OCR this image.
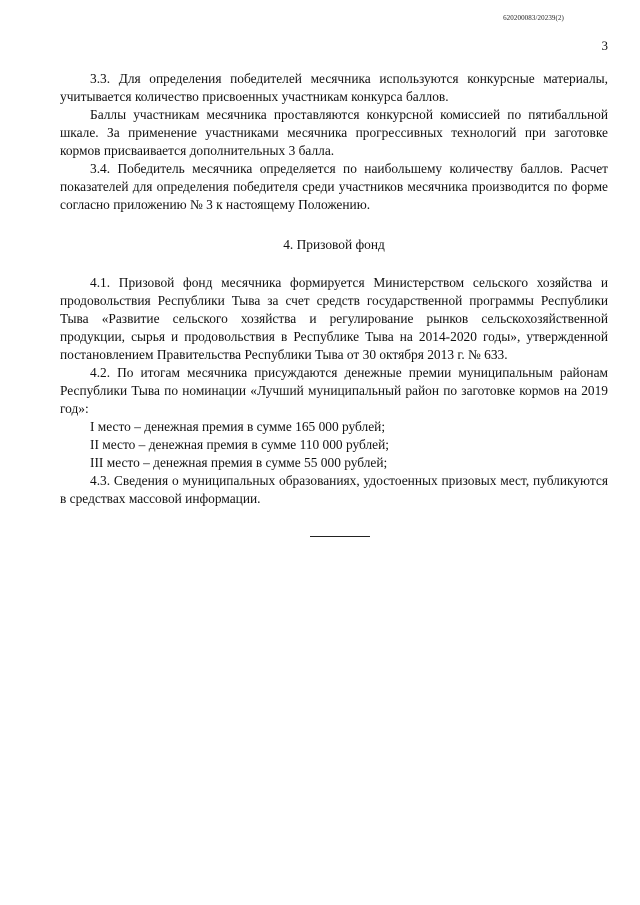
620200083/20239(2)
3

3.3. Для определения победителей месячника используются конкурсные материалы, учитывается количество присвоенных участникам конкурса баллов.

Баллы участникам месячника проставляются конкурсной комиссией по пятибалльной шкале. За применение участниками месячника прогрессивных технологий при заготовке кормов присваивается дополнительных 3 балла.

3.4. Победитель месячника определяется по наибольшему количеству баллов. Расчет показателей для определения победителя среди участников месячника производится по форме согласно приложению № 3 к настоящему Положению.

4. Призовой фонд

4.1. Призовой фонд месячника формируется Министерством сельского хозяйства и продовольствия Республики Тыва за счет средств государственной программы Республики Тыва «Развитие сельского хозяйства и регулирование рынков сельскохозяйственной продукции, сырья и продовольствия в Республике Тыва на 2014-2020 годы», утвержденной постановлением Правительства Республики Тыва от 30 октября 2013 г. № 633.

4.2. По итогам месячника присуждаются денежные премии муниципальным районам Республики Тыва по номинации «Лучший муниципальный район по заготовке кормов на 2019 год»:

I место – денежная премия в сумме 165 000 рублей;
II место – денежная премия в сумме 110 000 рублей;
III место – денежная премия в сумме 55 000 рублей;

4.3. Сведения о муниципальных образованиях, удостоенных призовых мест, публикуются в средствах массовой информации.
